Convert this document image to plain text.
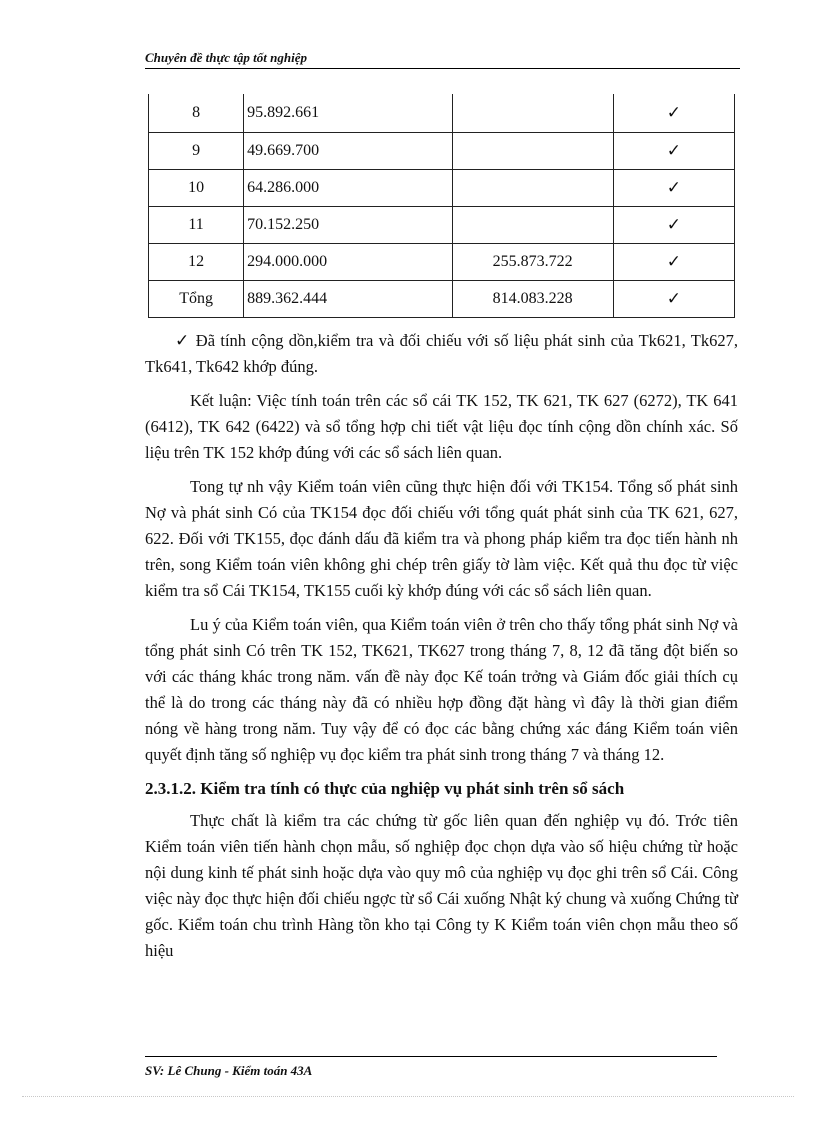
Chuyên đề thực tập tốt nghiệp
8	95.892.661		✓
9	49.669.700		✓
10	64.286.000		✓
11	70.152.250		✓
12	294.000.000	255.873.722	✓
Tổng	889.362.444	814.083.228	✓

✓ Đã tính cộng dồn,kiểm tra và đối chiếu với số liệu phát sinh của Tk621, Tk627, Tk641, Tk642 khớp đúng.

Kết luận: Việc tính toán trên các sổ cái TK 152, TK 621, TK 627 (6272), TK 641 (6412), TK 642 (6422) và sổ tổng hợp chi tiết vật liệu đọc tính cộng dồn chính xác. Số liệu trên TK 152 khớp đúng với các sổ sách liên quan.

Tong tự nh vậy Kiểm toán viên cũng thực hiện đối với TK154. Tổng số phát sinh Nợ và phát sinh Có của TK154 đọc đối chiếu với tổng quát phát sinh của TK 621, 627, 622. Đối với TK155, đọc đánh dấu đã kiểm tra và phong pháp kiểm tra đọc tiến hành nh trên, song Kiểm toán viên không ghi chép trên giấy tờ làm việc. Kết quả thu đọc từ việc kiểm tra sổ Cái TK154, TK155 cuối kỳ khớp đúng với các sổ sách liên quan.

Lu ý của Kiểm toán viên, qua Kiểm toán viên ở trên cho thấy tổng phát sinh Nợ và tổng phát sinh Có trên TK 152, TK621, TK627 trong tháng 7, 8, 12 đã tăng đột biến so với các tháng khác trong năm. vấn đề này đọc Kế toán trởng và Giám đốc giải thích cụ thể là do trong các tháng này đã có nhiều hợp đồng đặt hàng vì đây là thời gian điểm nóng về hàng trong năm. Tuy vậy để có đọc các bằng chứng xác đáng Kiểm toán viên quyết định tăng số nghiệp vụ đọc kiểm tra phát sinh trong tháng 7 và tháng 12.

2.3.1.2. Kiểm tra tính có thực của nghiệp vụ phát sinh trên sổ sách

Thực chất là kiểm tra các chứng từ gốc liên quan đến nghiệp vụ đó. Trớc tiên Kiểm toán viên tiến hành chọn mẫu, số nghiệp đọc chọn dựa vào số hiệu chứng từ hoặc nội dung kinh tế phát sinh hoặc dựa vào quy mô của nghiệp vụ đọc ghi trên sổ Cái. Công việc này đọc thực hiện đối chiếu ngợc từ sổ Cái xuống Nhật ký chung và xuống Chứng từ gốc. Kiểm toán chu trình Hàng tồn kho tại Công ty K Kiểm toán viên chọn mẫu theo số hiệu

SV: Lê Chung - Kiểm toán 43A
